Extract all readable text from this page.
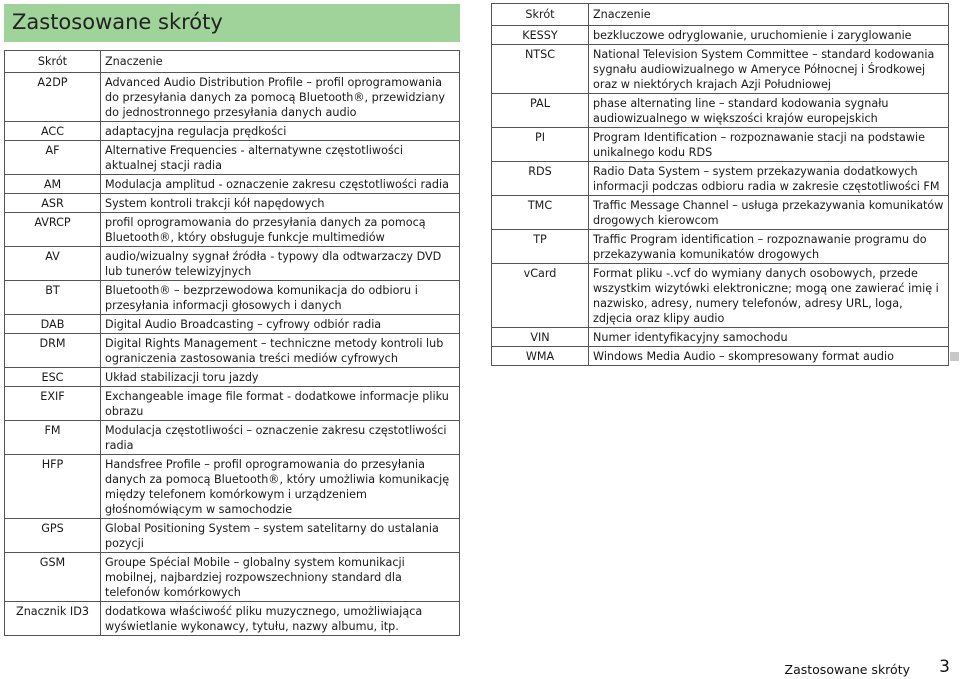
Zastosowane skróty
Skrót	Znaczenie
A2DP	Advanced Audio Distribution Profile – profil oprogramowania do przesyłania danych za pomocą Bluetooth®, przewidziany do jednostronnego przesyłania danych audio
ACC	adaptacyjna regulacja prędkości
AF	Alternative Frequencies - alternatywne częstotliwości aktualnej stacji radia
AM	Modulacja amplitud - oznaczenie zakresu częstotliwości radia
ASR	System kontroli trakcji kół napędowych
AVRCP	profil oprogramowania do przesyłania danych za pomocą Bluetooth®, który obsługuje funkcje multimediów
AV	audio/wizualny sygnał źródła - typowy dla odtwarzaczy DVD lub tunerów telewizyjnych
BT	Bluetooth® – bezprzewodowa komunikacja do odbioru i przesyłania informacji głosowych i danych
DAB	Digital Audio Broadcasting – cyfrowy odbiór radia
DRM	Digital Rights Management – techniczne metody kontroli lub ograniczenia zastosowania treści mediów cyfrowych
ESC	Układ stabilizacji toru jazdy
EXIF	Exchangeable image file format - dodatkowe informacje pliku obrazu
FM	Modulacja częstotliwości – oznaczenie zakresu częstotliwości radia
HFP	Handsfree Profile – profil oprogramowania do przesyłania danych za pomocą Bluetooth®, który umożliwia komunikację między telefonem komórkowym i urządzeniem głośnomówiącym w samochodzie
GPS	Global Positioning System – system satelitarny do ustalania pozycji
GSM	Groupe Spécial Mobile – globalny system komunikacji mobilnej, najbardziej rozpowszechniony standard dla telefonów komórkowych
Znacznik ID3	dodatkowa właściwość pliku muzycznego, umożliwiająca wyświetlanie wykonawcy, tytułu, nazwy albumu, itp.
Skrót	Znaczenie
KESSY	bezkluczowe odryglowanie, uruchomienie i zaryglowanie
NTSC	National Television System Committee – standard kodowania sygnału audiowizualnego w Ameryce Północnej i Środkowej oraz w niektórych krajach Azji Południowej
PAL	phase alternating line – standard kodowania sygnału audiowizualnego w większości krajów europejskich
PI	Program Identification – rozpoznawanie stacji na podstawie unikalnego kodu RDS
RDS	Radio Data System – system przekazywania dodatkowych informacji podczas odbioru radia w zakresie częstotliwości FM
TMC	Traffic Message Channel – usługa przekazywania komunikatów drogowych kierowcom
TP	Traffic Program identification – rozpoznawanie programu do przekazywania komunikatów drogowych
vCard	Format pliku -.vcf do wymiany danych osobowych, przede wszystkim wizytówki elektroniczne; mogą one zawierać imię i nazwisko, adresy, numery telefonów, adresy URL, loga, zdjęcia oraz klipy audio
VIN	Numer identyfikacyjny samochodu
WMA	Windows Media Audio – skompresowany format audio
Zastosowane skróty 3
